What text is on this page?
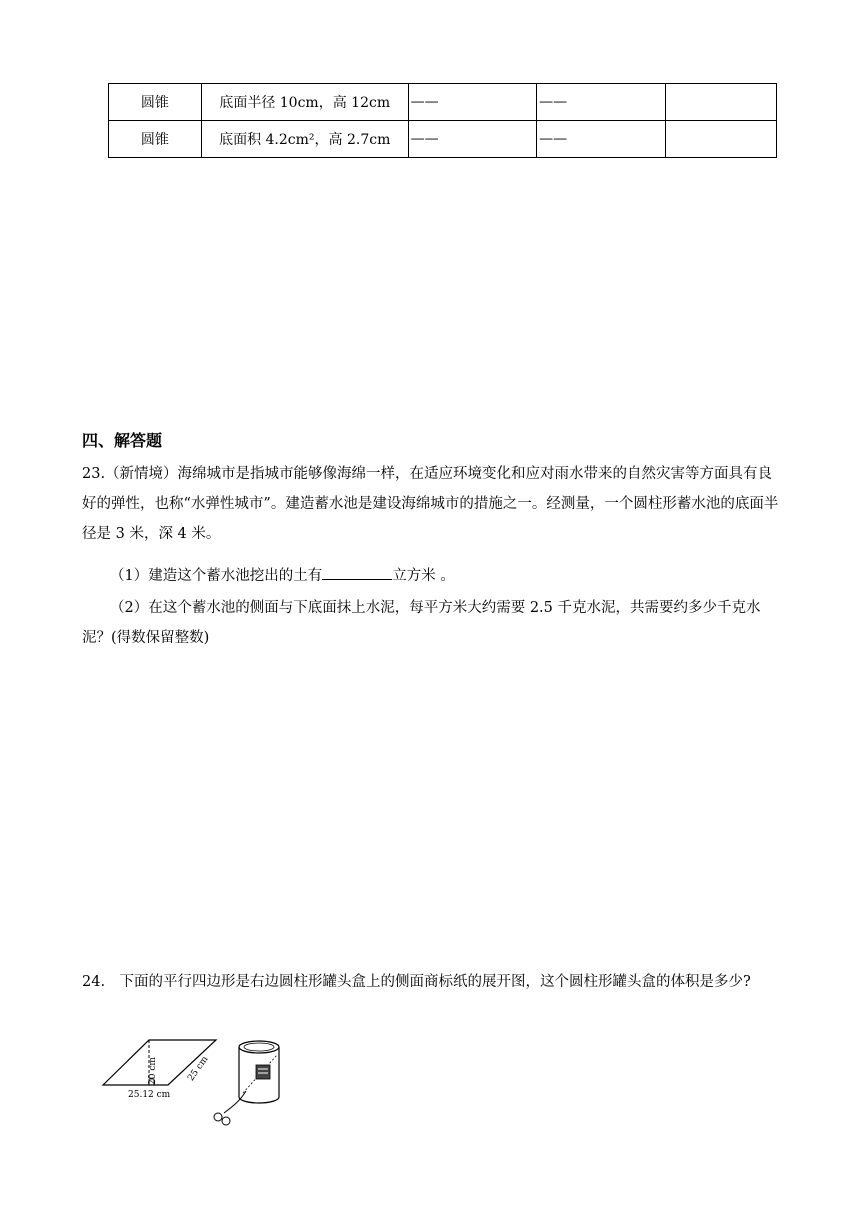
圆锥	底面半径 10cm，高 12cm	——	——	
圆锥	底面积 4.2cm²，高 2.7cm	——	——	
四、解答题
23.（新情境）海绵城市是指城市能够像海绵一样，在适应环境变化和应对雨水带来的自然灾害等方面具有良好的弹性，也称“水弹性城市”。建造蓄水池是建设海绵城市的措施之一。经测量，一个圆柱形蓄水池的底面半径是 3 米，深 4 米。
（1）建造这个蓄水池挖出的土有	立方米 。
（2）在这个蓄水池的侧面与下底面抹上水泥，每平方米大约需要 2.5 千克水泥，共需要约多少千克水泥？(得数保留整数)
24.　下面的平行四边形是右边圆柱形罐头盒上的侧面商标纸的展开图，这个圆柱形罐头盒的体积是多少?
20 cm	25 cm
25.12 cm
